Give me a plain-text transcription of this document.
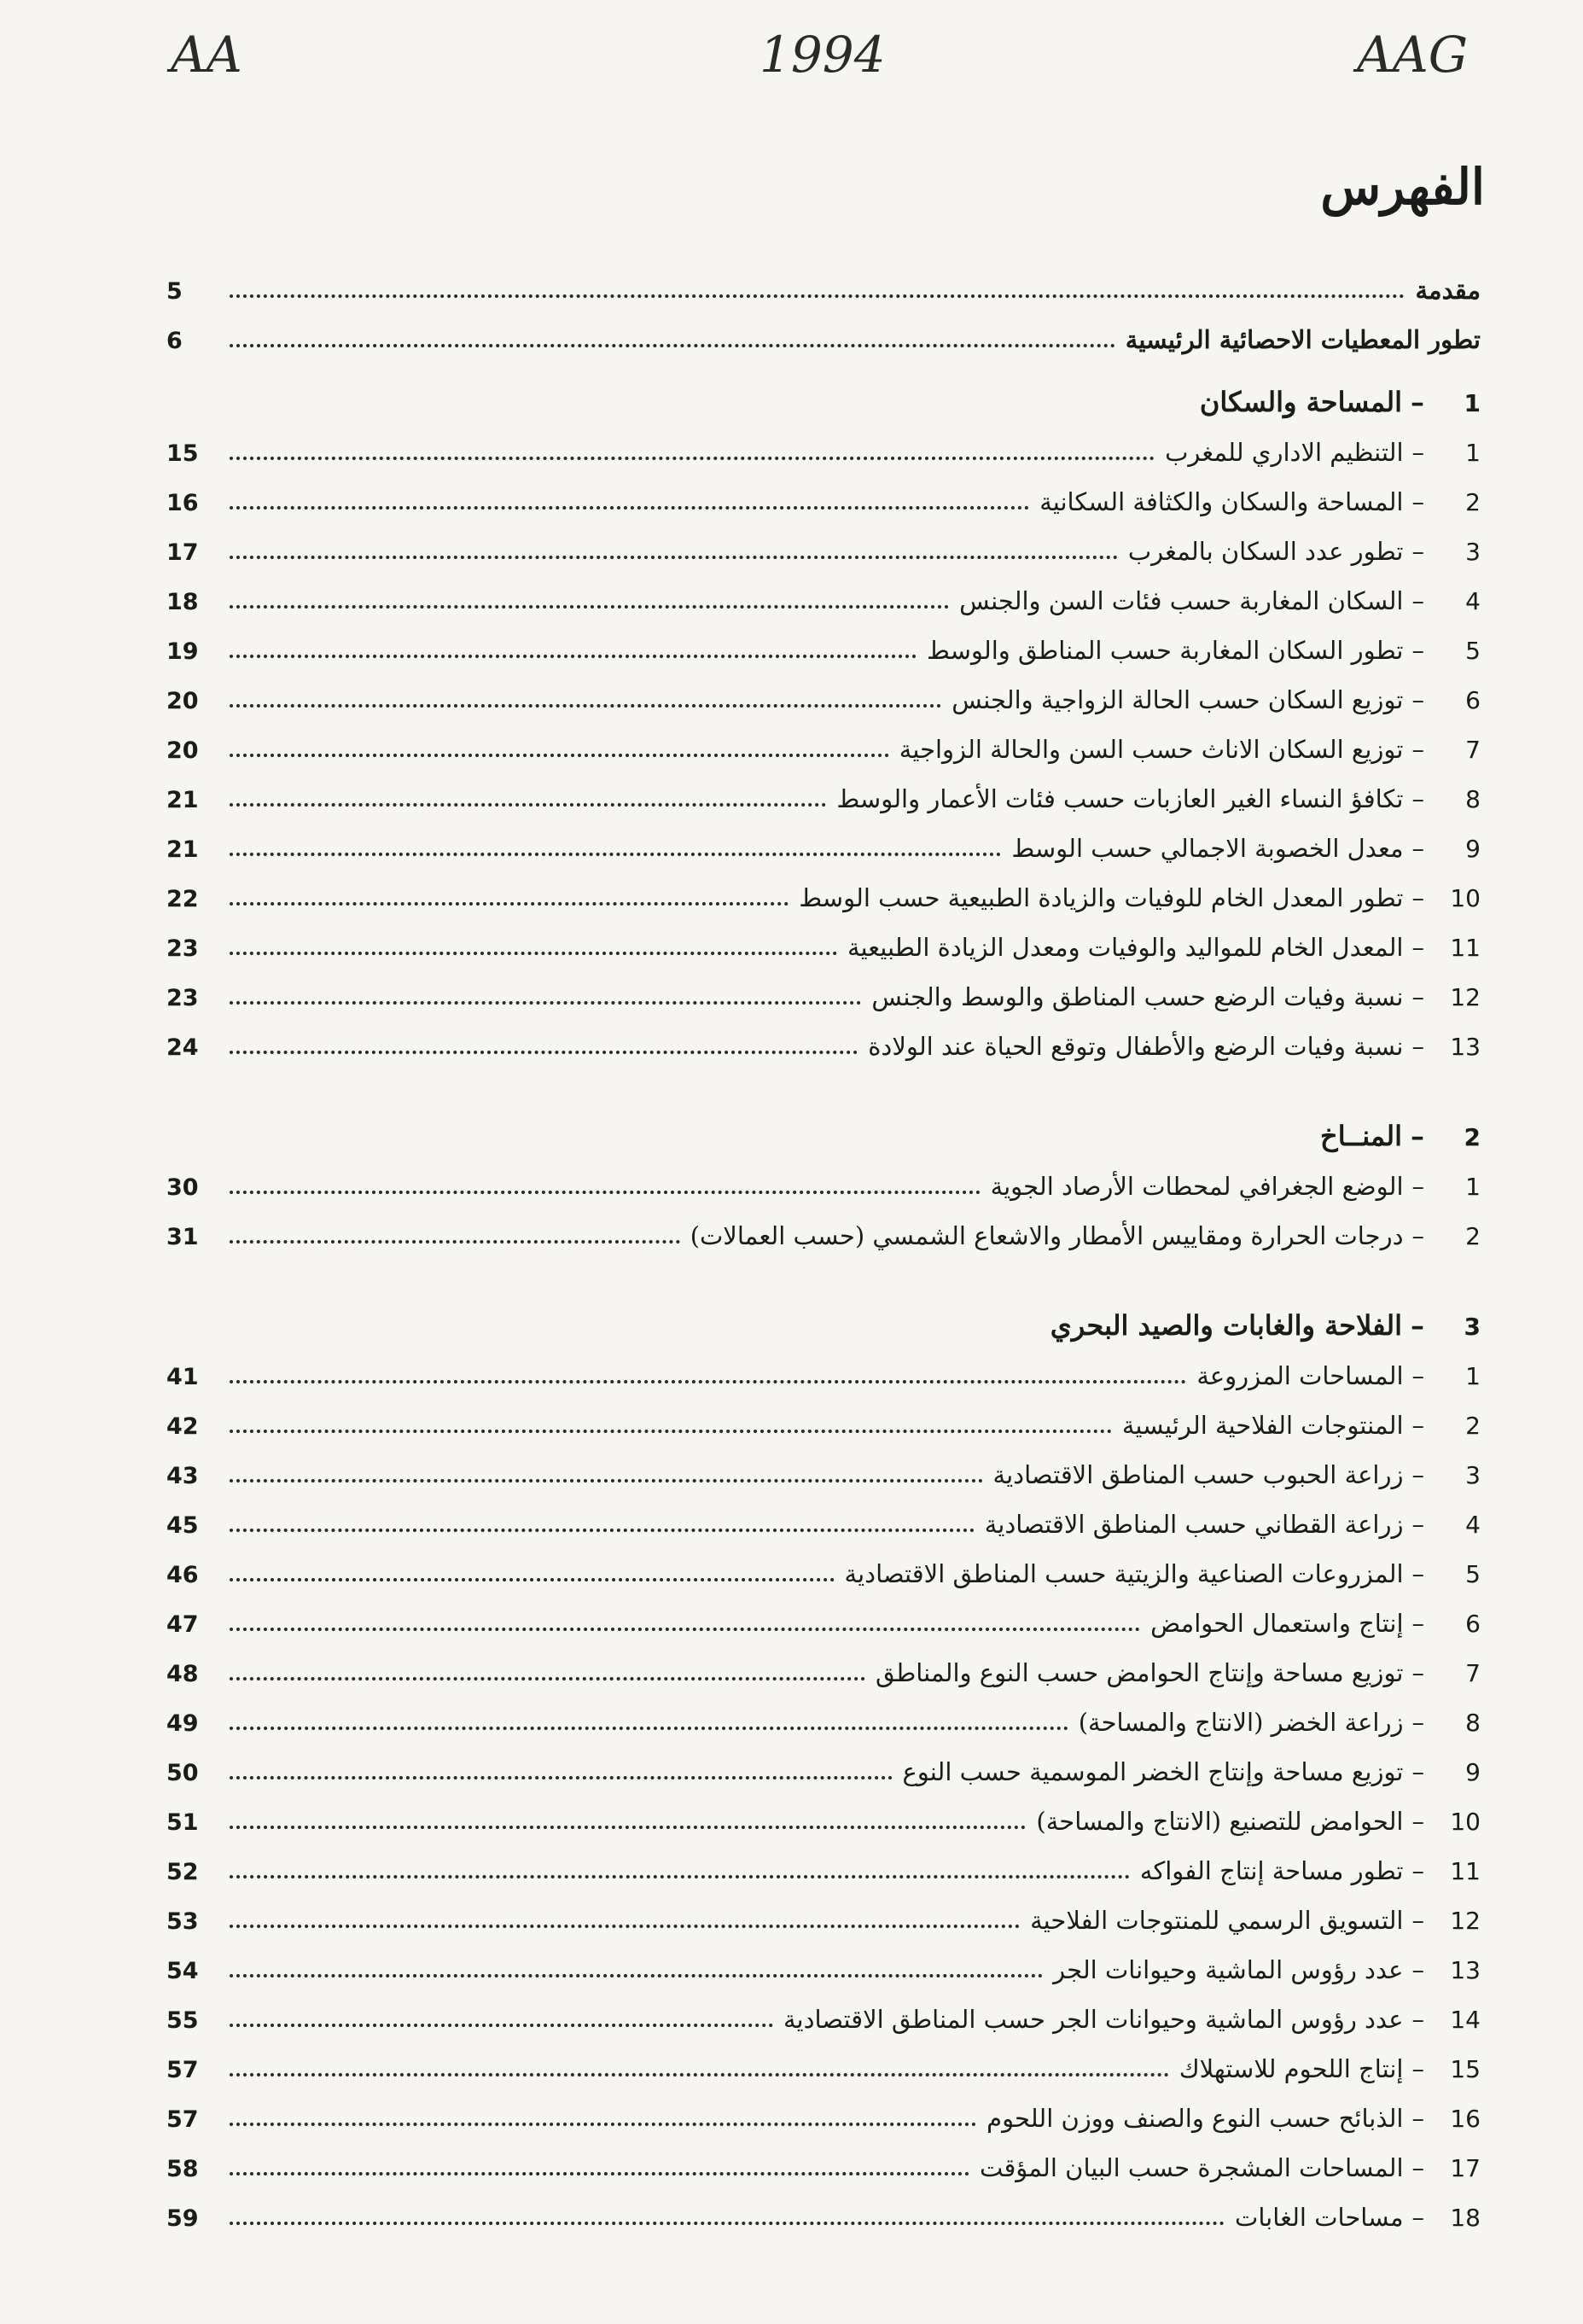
AA	1994	AAG
الفهرس
مقدمة
5
تطور المعطيات الاحصائية الرئيسية
6
1
–
المساحة والسكان
1
–
التنظيم الاداري للمغرب
15
2
–
المساحة والسكان والكثافة السكانية
16
3
–
تطور عدد السكان بالمغرب
17
4
–
السكان المغاربة حسب فئات السن والجنس
18
5
–
تطور السكان المغاربة حسب المناطق والوسط
19
6
–
توزيع السكان حسب الحالة الزواجية والجنس
20
7
–
توزيع السكان الاناث حسب السن والحالة الزواجية
20
8
–
تكافؤ النساء الغير العازبات حسب فئات الأعمار والوسط
21
9
–
معدل الخصوبة الاجمالي حسب الوسط
21
10
–
تطور المعدل الخام للوفيات والزيادة الطبيعية حسب الوسط
22
11
–
المعدل الخام للمواليد والوفيات ومعدل الزيادة الطبيعية
23
12
–
نسبة وفيات الرضع حسب المناطق والوسط والجنس
23
13
–
نسبة وفيات الرضع والأطفال وتوقع الحياة عند الولادة
24
2
–
المنــاخ
1
–
الوضع الجغرافي لمحطات الأرصاد الجوية
30
2
–
درجات الحرارة ومقاييس الأمطار والاشعاع الشمسي (حسب العمالات)
31
3
–
الفلاحة والغابات والصيد البحري
1
–
المساحات المزروعة
41
2
–
المنتوجات الفلاحية الرئيسية
42
3
–
زراعة الحبوب حسب المناطق الاقتصادية
43
4
–
زراعة القطاني حسب المناطق الاقتصادية
45
5
–
المزروعات الصناعية والزيتية حسب المناطق الاقتصادية
46
6
–
إنتاج واستعمال الحوامض
47
7
–
توزيع مساحة وإنتاج الحوامض حسب النوع والمناطق
48
8
–
زراعة الخضر (الانتاج والمساحة)
49
9
–
توزيع مساحة وإنتاج الخضر الموسمية حسب النوع
50
10
–
الحوامض للتصنيع (الانتاج والمساحة)
51
11
–
تطور مساحة إنتاج الفواكه
52
12
–
التسويق الرسمي للمنتوجات الفلاحية
53
13
–
عدد رؤوس الماشية وحيوانات الجر
54
14
–
عدد رؤوس الماشية وحيوانات الجر حسب المناطق الاقتصادية
55
15
–
إنتاج اللحوم للاستهلاك
57
16
–
الذبائح حسب النوع والصنف ووزن اللحوم
57
17
–
المساحات المشجرة حسب البيان المؤقت
58
18
–
مساحات الغابات
59
